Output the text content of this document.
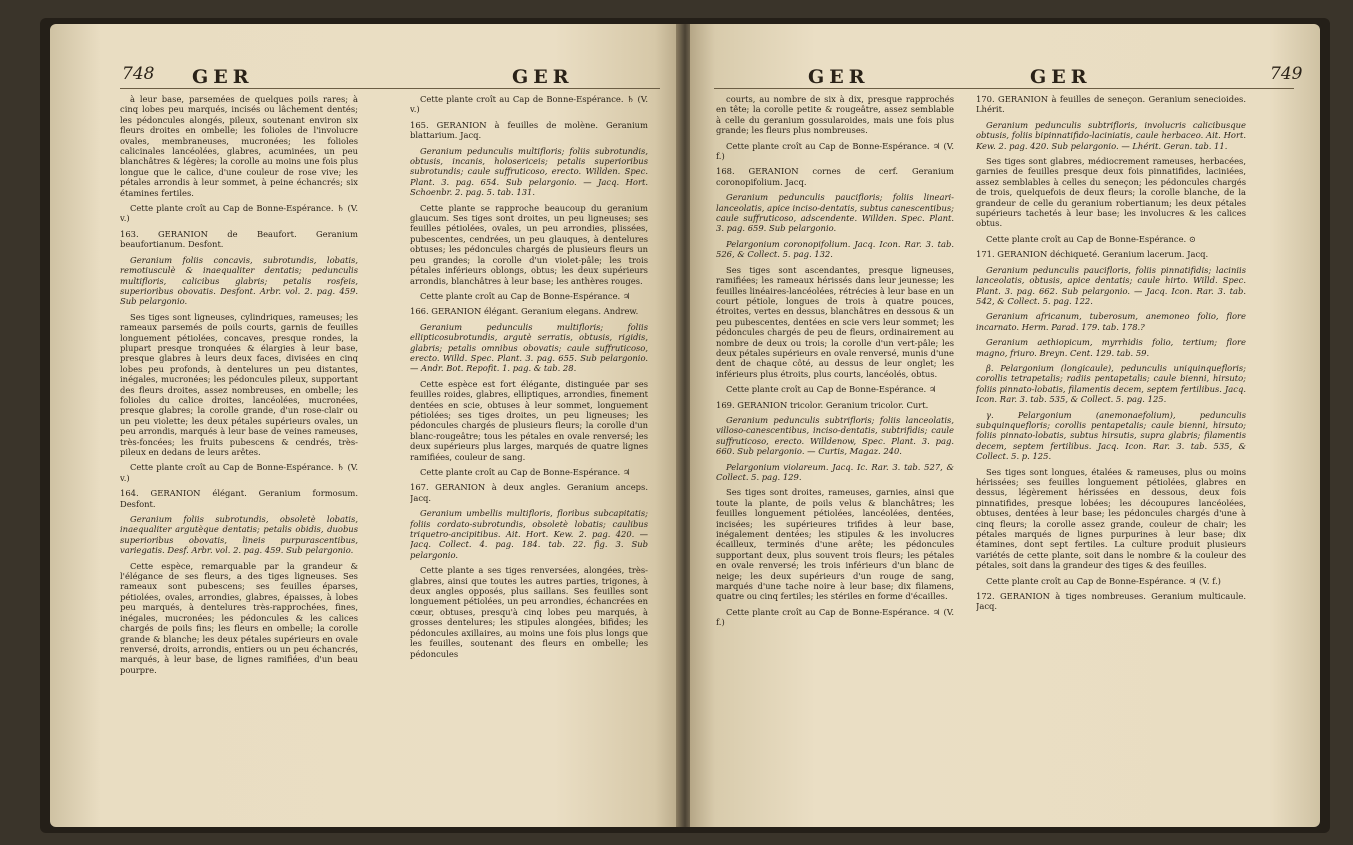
748 GER	GER

à leur base, parsemées de quelques poils rares; à cinq lobes peu marqués, incisés ou lâchement dentés; les pédoncules alongés, pileux, soutenant environ six fleurs droites en ombelle; les folioles de l'involucre ovales, membraneuses, mucronées; les folioles calicinales lancéolées, glabres, acuminées, un peu blanchâtres & légères; la corolle au moins une fois plus longue que le calice, d'une couleur de rose vive; les pétales arrondis à leur sommet, à peine échancrés; six étamines fertiles.

Cette plante croît au Cap de Bonne-Espérance. ♄ (V. v.)

163. GERANION de Beaufort. Geranium beaufortianum. Desfont.

Geranium foliis concavis, subrotundis, lobatis, remotiusculè & inaequaliter dentatis; pedunculis multifloris, calicibus glabris; petalis rosfeis, superioribus obovatis. Desfont. Arbr. vol. 2. pag. 459. Sub pelargonio.

Ses tiges sont ligneuses, cylindriques, rameuses; les rameaux parsemés de poils courts, garnis de feuilles longuement pétiolées, concaves, presque rondes, la plupart presque tronquées & élargies à leur base, presque glabres à leurs deux faces, divisées en cinq lobes peu profonds, à dentelures un peu distantes, inégales, mucronées; les pédoncules pileux, supportant des fleurs droites, assez nombreuses, en ombelle; les folioles du calice droites, lancéolées, mucronées, presque glabres; la corolle grande, d'un rose-clair ou un peu violette; les deux pétales supérieurs ovales, un peu arrondis, marqués à leur base de veines rameuses, très-foncées; les fruits pubescens & cendrés, très-pileux en dedans de leurs arêtes.

Cette plante croît au Cap de Bonne-Espérance. ♄ (V. v.)

164. GERANION élégant. Geranium formosum. Desfont.

Geranium foliis subrotundis, obsoletè lobatis, inaequaliter argutèque dentatis; petalis obidis, duobus superioribus obovatis, lineis purpurascentibus, variegatis. Desf. Arbr. vol. 2. pag. 459. Sub pelargonio.

Cette espèce, remarquable par la grandeur & l'élégance de ses fleurs, a des tiges ligneuses. Ses rameaux sont pubescens; ses feuilles éparses, pétiolées, ovales, arrondies, glabres, épaisses, à lobes peu marqués, à dentelures très-rapprochées, fines, inégales, mucronées; les pédoncules & les calices chargés de poils fins; les fleurs en ombelle; la corolle grande & blanche; les deux pétales supérieurs en ovale renversé, droits, arrondis, entiers ou un peu échancrés, marqués, à leur base, de lignes ramifiées, d'un beau pourpre.

Cette plante croît au Cap de Bonne-Espérance. ♄ (V. v.)

165. GERANION à feuilles de molène. Geranium blattarium. Jacq.

Geranium pedunculis multifloris; foliis subrotundis, obtusis, incanis, holosericeis; petalis superioribus subrotundis; caule suffruticoso, erecto. Willden. Spec. Plant. 3. pag. 654. Sub pelargonio. — Jacq. Hort. Schoenbr. 2. pag. 5. tab. 131.

Cette plante se rapproche beaucoup du geranium glaucum. Ses tiges sont droites, un peu ligneuses; ses feuilles pétiolées, ovales, un peu arrondies, plissées, pubescentes, cendrées, un peu glauques, à dentelures obtuses; les pédoncules chargés de plusieurs fleurs un peu grandes; la corolle d'un violet-pâle; les trois pétales inférieurs oblongs, obtus; les deux supérieurs arrondis, blanchâtres à leur base; les anthères rouges.

Cette plante croît au Cap de Bonne-Espérance. ♃

166. GERANION élégant. Geranium elegans. Andrew.

Geranium pedunculis multifloris; foliis ellipticosubrotundis, argutè serratis, obtusis, rigidis, glabris; petalis omnibus obovatis; caule suffruticoso, erecto. Willd. Spec. Plant. 3. pag. 655. Sub pelargonio. — Andr. Bot. Repofit. 1. pag. & tab. 28.

Cette espèce est fort élégante, distinguée par ses feuilles roides, glabres, elliptiques, arrondies, finement dentées en scie, obtuses à leur sommet, longuement pétiolées; ses tiges droites, un peu ligneuses; les pédoncules chargés de plusieurs fleurs; la corolle d'un blanc-rougeâtre; tous les pétales en ovale renversé; les deux supérieurs plus larges, marqués de quatre lignes ramifiées, couleur de sang.

Cette plante croît au Cap de Bonne-Espérance. ♃

167. GERANION à deux angles. Geranium anceps. Jacq.

Geranium umbellis multifloris, floribus subcapitatis; foliis cordato-subrotundis, obsoletè lobatis; caulibus triquetro-ancipitibus. Ait. Hort. Kew. 2. pag. 420. — Jacq. Collect. 4. pag. 184. tab. 22. fig. 3. Sub pelargonio.

Cette plante a ses tiges renversées, alongées, très-glabres, ainsi que toutes les autres parties, trigones, à deux angles opposés, plus saillans. Ses feuilles sont longuement pétiolées, un peu arrondies, échancrées en cœur, obtuses, presqu'à cinq lobes peu marqués, à grosses dentelures; les stipules alongées, bifides; les pédoncules axillaires, au moins une fois plus longs que les feuilles, soutenant des fleurs en ombelle; les pédoncules

GER	GER	749

courts, au nombre de six à dix, presque rapprochés en tête; la corolle petite & rougeâtre, assez semblable à celle du geranium gossularoides, mais une fois plus grande; les fleurs plus nombreuses.

Cette plante croît au Cap de Bonne-Espérance. ♃ (V. f.)

168. GERANION cornes de cerf. Geranium coronopifolium. Jacq.

Geranium pedunculis paucifloris; foliis lineari-lanceolatis, apice inciso-dentatis, subtus canescentibus; caule suffruticoso, adscendente. Willden. Spec. Plant. 3. pag. 659. Sub pelargonio.

Pelargonium coronopifolium. Jacq. Icon. Rar. 3. tab. 526, & Collect. 5. pag. 132.

Ses tiges sont ascendantes, presque ligneuses, ramifiées; les rameaux hérissés dans leur jeunesse; les feuilles linéaires-lancéolées, rétrécies à leur base en un court pétiole, longues de trois à quatre pouces, étroites, vertes en dessus, blanchâtres en dessous & un peu pubescentes, dentées en scie vers leur sommet; les pédoncules chargés de peu de fleurs, ordinairement au nombre de deux ou trois; la corolle d'un vert-pâle; les deux pétales supérieurs en ovale renversé, munis d'une dent de chaque côté, au dessus de leur onglet; les inférieurs plus étroits, plus courts, lancéolés, obtus.

Cette plante croît au Cap de Bonne-Espérance. ♃

169. GERANION tricolor. Geranium tricolor. Curt.

Geranium pedunculis subtrifloris; foliis lanceolatis, villoso-canescentibus, inciso-dentatis, subtrifidis; caule suffruticoso, erecto. Willdenow, Spec. Plant. 3. pag. 660. Sub pelargonio. — Curtis, Magaz. 240.

Pelargonium violareum. Jacq. Ic. Rar. 3. tab. 527, & Collect. 5. pag. 129.

Ses tiges sont droites, rameuses, garnies, ainsi que toute la plante, de poils velus & blanchâtres; les feuilles longuement pétiolées, lancéolées, dentées, incisées; les supérieures trifides à leur base, inégalement dentées; les stipules & les involucres écailleux, terminés d'une arête; les pédoncules supportant deux, plus souvent trois fleurs; les pétales en ovale renversé; les trois inférieurs d'un blanc de neige; les deux supérieurs d'un rouge de sang, marqués d'une tache noire à leur base; dix filamens, quatre ou cinq fertiles; les stériles en forme d'écailles.

Cette plante croît au Cap de Bonne-Espérance. ♃ (V. f.)

170. GERANION à feuilles de seneçon. Geranium senecioides. Lhérit.

Geranium pedunculis subtrifloris, involucris calicibusque obtusis, foliis bipinnatifido-laciniatis, caule herbaceo. Ait. Hort. Kew. 2. pag. 420. Sub pelargonio. — Lhérit. Geran. tab. 11.

Ses tiges sont glabres, médiocrement rameuses, herbacées, garnies de feuilles presque deux fois pinnatifides, laciniées, assez semblables à celles du seneçon; les pédoncules chargés de trois, quelquefois de deux fleurs; la corolle blanche, de la grandeur de celle du geranium robertianum; les deux pétales supérieurs tachetés à leur base; les involucres & les calices obtus.

Cette plante croît au Cap de Bonne-Espérance. ⊙

171. GERANION déchiqueté. Geranium lacerum. Jacq.

Geranium pedunculis paucifloris, foliis pinnatifidis; laciniis lanceolatis, obtusis, apice dentatis; caule hirto. Willd. Spec. Plant. 3. pag. 662. Sub pelargonio. — Jacq. Icon. Rar. 3. tab. 542, & Collect. 5. pag. 122.

Geranium africanum, tuberosum, anemoneo folio, flore incarnato. Herm. Parad. 179. tab. 178.?

Geranium aethiopicum, myrrhidis folio, tertium; flore magno, friuro. Breyn. Cent. 129. tab. 59.

β. Pelargonium (longicaule), pedunculis uniquinquefloris; corollis tetrapetalis; radiis pentapetalis; caule bienni, hirsuto; foliis pinnato-lobatis, filamentis decem, septem fertilibus. Jacq. Icon. Rar. 3. tab. 535, & Collect. 5. pag. 125.

γ. Pelargonium (anemonaefolium), pedunculis subquinquefloris; corollis pentapetalis; caule bienni, hirsuto; foliis pinnato-lobatis, subtus hirsutis, supra glabris; filamentis decem, septem fertilibus. Jacq. Icon. Rar. 3. tab. 535, & Collect. 5. p. 125.

Ses tiges sont longues, étalées & rameuses, plus ou moins hérissées; ses feuilles longuement pétiolées, glabres en dessus, légèrement hérissées en dessous, deux fois pinnatifides, presque lobées; les découpures lancéolées, obtuses, dentées à leur base; les pédoncules chargés d'une à cinq fleurs; la corolle assez grande, couleur de chair; les pétales marqués de lignes purpurines à leur base; dix étamines, dont sept fertiles. La culture produit plusieurs variétés de cette plante, soit dans le nombre & la couleur des pétales, soit dans la grandeur des tiges & des feuilles.

Cette plante croît au Cap de Bonne-Espérance. ♃ (V. f.)

172. GERANION à tiges nombreuses. Geranium multicaule. Jacq.
